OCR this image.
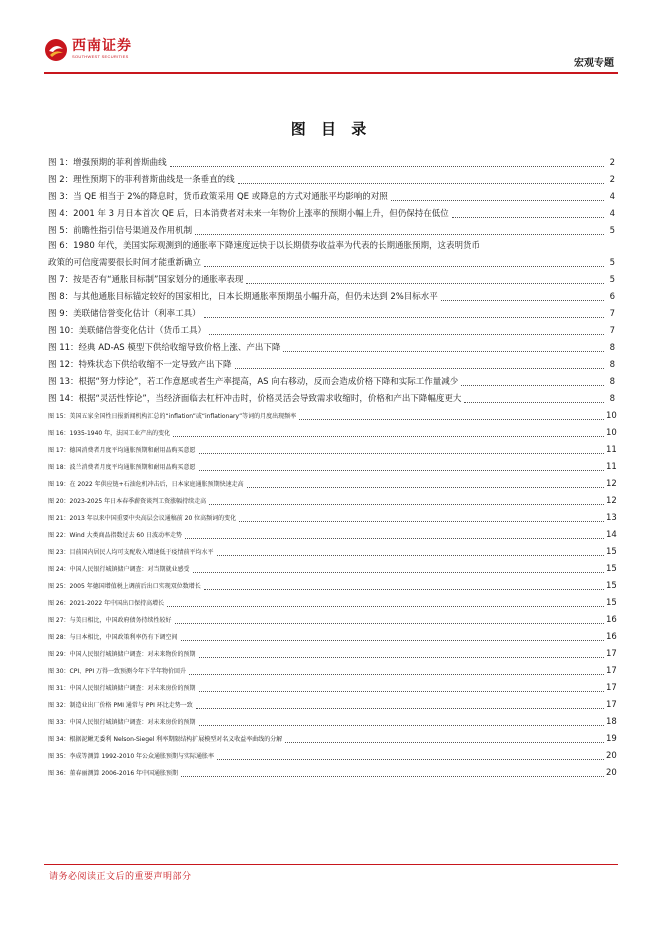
西南证券
SOUTHWEST SECURITIES
宏观专题
图 目 录
图 1：增强预期的菲利普斯曲线	2
图 2：理性预期下的菲利普斯曲线是一条垂直的线	2
图 3：当 QE 相当于 2%的降息时，货币政策采用 QE 或降息的方式对通胀平均影响的对照	4
图 4：2001 年 3 月日本首次 QE 后，日本消费者对未来一年物价上涨率的预期小幅上升，但仍保持在低位	4
图 5：前瞻性指引信号渠道及作用机制	5
图 6：1980 年代，美国实际观测到的通胀率下降速度远快于以长期债券收益率为代表的长期通胀预期，这表明货币
政策的可信度需要很长时间才能重新确立	5
图 7：按是否有“通胀目标制”国家划分的通胀率表现	5
图 8：与其他通胀目标锚定较好的国家相比，日本长期通胀率预期虽小幅升高，但仍未达到 2%目标水平	6
图 9：美联储信誉变化估计（利率工具）	7
图 10：美联储信誉变化估计（货币工具）	7
图 11：经典 AD-AS 模型下供给收缩导致价格上涨、产出下降	8
图 12：特殊状态下供给收缩不一定导致产出下降	8
图 13：根据“努力悖论”，若工作意愿或者生产率提高，AS 向右移动，反而会造成价格下降和实际工作量减少	8
图 14：根据“灵活性悖论”，当经济面临去杠杆冲击时，价格灵活会导致需求收缩时，价格和产出下降幅度更大	8
图 15：美国五家全国性日报新闻机构汇总的“inflation”或“inflationary”等词的月度出现频率	10
图 16：1935-1940 年，法国工业产出的变化	10
图 17：德国消费者月度平均通胀预期和耐用品购买意愿	11
图 18：波兰消费者月度平均通胀预期和耐用品购买意愿	11
图 19：在 2022 年供应链+石油危机冲击后，日本家庭通胀预期快速走高	12
图 20：2023-2025 年日本春季薪资谈判工资涨幅持续走高	12
图 21：2013 年以来中国重要中央高层会议通稿前 20 位高频词的变化	13
图 22：Wind 大类商品指数过去 60 日波动率走势	14
图 23：目前国内居民人均可支配收入增速低于疫情前平均水平	15
图 24：中国人民银行城镇储户调查：对当期就业感受	15
图 25：2005 年德国增值税上调前后出口实现双位数增长	15
图 26：2021-2022 年中国出口保持高增长	15
图 27：与美日相比，中国政府债务持续性较好	16
图 28：与日本相比，中国政策利率仍有下调空间	16
图 29：中国人民银行城镇储户调查：对未来物价的预期	17
图 30：CPI、PPI 万得一致预测今年下半年物价回升	17
图 31：中国人民银行城镇储户调查：对未来房价的预期	17
图 32：制造业出厂价格 PMI 通常与 PPI 环比走势一致	17
图 33：中国人民银行城镇储户调查：对未来房价的预期	18
图 34：根据泥鳅无委利 Nelson-Siegel 利率期限结构扩展模型对名义收益率曲线的分解	19
图 35：李成等测算 1992-2010 年公众通胀预期与实际通胀率	20
图 36：董春丽测算 2006-2016 年中国通胀预期	20
请务必阅读正文后的重要声明部分
